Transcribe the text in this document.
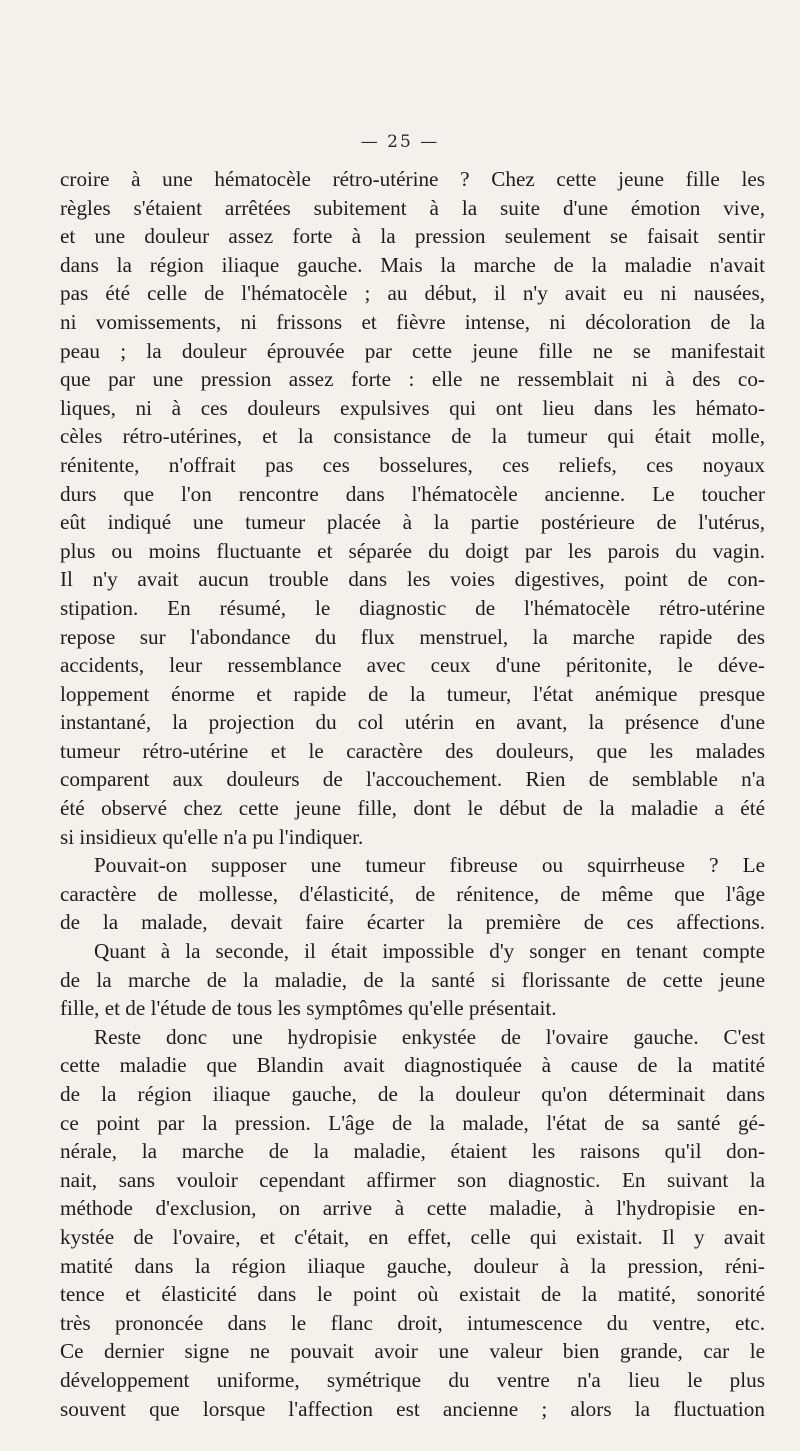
— 25 —
croire à une hématocèle rétro-utérine ? Chez cette jeune fille les
règles s'étaient arrêtées subitement à la suite d'une émotion vive,
et une douleur assez forte à la pression seulement se faisait sentir
dans la région iliaque gauche. Mais la marche de la maladie n'avait
pas été celle de l'hématocèle ; au début, il n'y avait eu ni nausées,
ni vomissements, ni frissons et fièvre intense, ni décoloration de la
peau ; la douleur éprouvée par cette jeune fille ne se manifestait
que par une pression assez forte : elle ne ressemblait ni à des co-
liques, ni à ces douleurs expulsives qui ont lieu dans les hémato-
cèles rétro-utérines, et la consistance de la tumeur qui était molle,
rénitente, n'offrait pas ces bosselures, ces reliefs, ces noyaux
durs que l'on rencontre dans l'hématocèle ancienne. Le toucher
eût indiqué une tumeur placée à la partie postérieure de l'utérus,
plus ou moins fluctuante et séparée du doigt par les parois du vagin.
Il n'y avait aucun trouble dans les voies digestives, point de con-
stipation. En résumé, le diagnostic de l'hématocèle rétro-utérine
repose sur l'abondance du flux menstruel, la marche rapide des
accidents, leur ressemblance avec ceux d'une péritonite, le déve-
loppement énorme et rapide de la tumeur, l'état anémique presque
instantané, la projection du col utérin en avant, la présence d'une
tumeur rétro-utérine et le caractère des douleurs, que les malades
comparent aux douleurs de l'accouchement. Rien de semblable n'a
été observé chez cette jeune fille, dont le début de la maladie a été
si insidieux qu'elle n'a pu l'indiquer.
Pouvait-on supposer une tumeur fibreuse ou squirrheuse ? Le
caractère de mollesse, d'élasticité, de rénitence, de même que l'âge
de la malade, devait faire écarter la première de ces affections.
Quant à la seconde, il était impossible d'y songer en tenant compte
de la marche de la maladie, de la santé si florissante de cette jeune
fille, et de l'étude de tous les symptômes qu'elle présentait.
Reste donc une hydropisie enkystée de l'ovaire gauche. C'est
cette maladie que Blandin avait diagnostiquée à cause de la matité
de la région iliaque gauche, de la douleur qu'on déterminait dans
ce point par la pression. L'âge de la malade, l'état de sa santé gé-
nérale, la marche de la maladie, étaient les raisons qu'il don-
nait, sans vouloir cependant affirmer son diagnostic. En suivant la
méthode d'exclusion, on arrive à cette maladie, à l'hydropisie en-
kystée de l'ovaire, et c'était, en effet, celle qui existait. Il y avait
matité dans la région iliaque gauche, douleur à la pression, réni-
tence et élasticité dans le point où existait de la matité, sonorité
très prononcée dans le flanc droit, intumescence du ventre, etc.
Ce dernier signe ne pouvait avoir une valeur bien grande, car le
développement uniforme, symétrique du ventre n'a lieu le plus
souvent que lorsque l'affection est ancienne ; alors la fluctuation
